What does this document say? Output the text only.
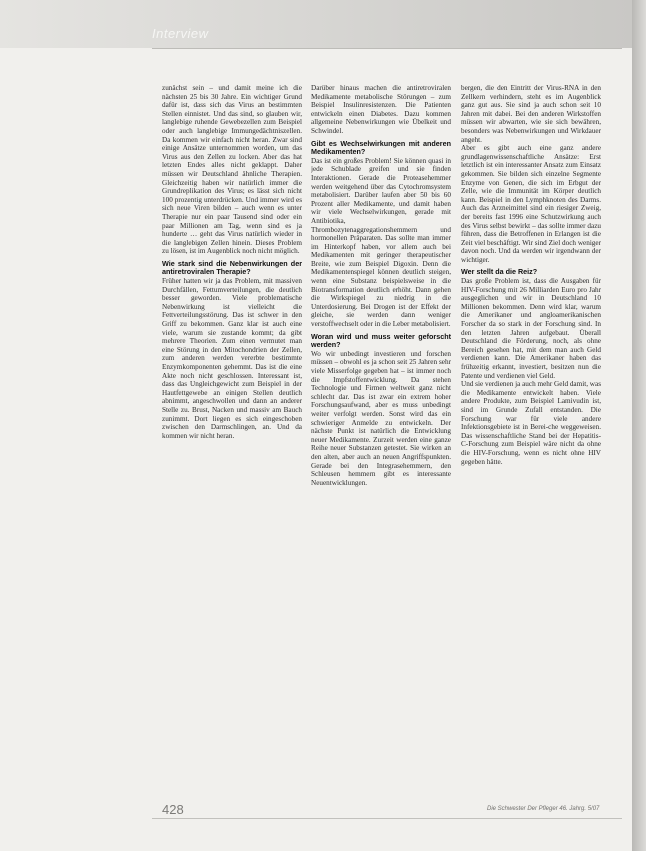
Interview

zunächst sein – und damit meine ich die nächsten 25 bis 30 Jahre. Ein wichtiger Grund dafür ist, dass sich das Virus an bestimmten Stellen einnistet. Und das sind, so glauben wir, langlebige ruhende Gewebezellen zum Beispiel oder auch langlebige Immungedächtniszellen. Da kommen wir einfach nicht heran. Zwar sind einige Ansätze unternommen worden, um das Virus aus den Zellen zu locken. Aber das hat letzten Endes alles nicht geklappt. Daher müssen wir Deutschland ähnliche Therapien. Gleichzeitig haben wir natürlich immer die Grundreplikation des Virus; es lässt sich nicht 100 prozentig unterdrücken. Und immer wird es sich neue Viren bilden – auch wenn es unter Therapie nur ein paar Tausend sind oder ein paar Millionen am Tag, wenn sind es ja hunderte … geht das Virus natürlich wieder in die langlebigen Zellen hinein. Dieses Problem zu lösen, ist im Augenblick noch nicht möglich.

Wie stark sind die Nebenwirkungen der antiretroviralen Therapie?

Früher hatten wir ja das Problem, mit massiven Durchfällen, Fettumverteilungen, die deutlich besser geworden. Viele problematische Nebenwirkung ist vielleicht die Fettverteilungsstörung. Das ist schwer in den Griff zu bekommen. Ganz klar ist auch eine viele, warum sie zustande kommt; da gibt mehrere Theorien. Zum einen vermutet man eine Störung in den Mitochondrien der Zellen, zum anderen werden vererbte bestimmte Enzymkomponenten gehemmt. Das ist die eine Akte noch nicht geschlossen. Interessant ist, dass das Ungleichgewicht zum Beispiel in der Hautfettgewebe an einigen Stellen deutlich abnimmt, angeschwollen und dann an anderer Stelle zu. Brust, Nacken und massiv am Bauch zunimmt. Dort liegen es sich eingeschoben zwischen den Darmschlingen, an. Und da kommen wir nicht heran.

Darüber hinaus machen die antiretroviralen Medikamente metabolische Störungen – zum Beispiel Insulinresistenzen. Die Patienten entwickeln einen Diabetes. Dazu kommen allgemeine Nebenwirkungen wie Übelkeit und Schwindel.

Gibt es Wechselwirkungen mit anderen Medikamenten?

Das ist ein großes Problem! Sie können quasi in jede Schublade greifen und sie finden Interaktionen. Gerade die Proteasehemmer werden weitgehend über das Cytochromsystem metabolisiert. Darüber laufen aber 50 bis 60 Prozent aller Medikamente, und damit haben wir viele Wechselwirkungen, gerade mit Antibiotika, Thrombozytenaggregationshemmern und hormonellen Präparaten. Das sollte man immer im Hinterkopf haben, vor allem auch bei Medikamenten mit geringer therapeutischer Breite, wie zum Beispiel Digoxin. Denn die Medikamentenspiegel können deutlich steigen, wenn eine Substanz beispielsweise in die Biotransformation deutlich erhöht. Dann gehen die Wirkspiegel zu niedrig in die Unterdosierung. Bei Drogen ist der Effekt der gleiche, sie werden dann weniger verstoffwechselt oder in die Leber metabolisiert.

Woran wird und muss weiter geforscht werden?

Wo wir unbedingt investieren und forschen müssen – obwohl es ja schon seit 25 Jahren sehr viele Misserfolge gegeben hat – ist immer noch die Impfstoffentwicklung. Da stehen Technologie und Firmen weltweit ganz nicht schlecht dar. Das ist zwar ein extrem hoher Forschungsaufwand, aber es muss unbedingt weiter verfolgt werden. Sonst wird das ein schwieriger Anmelde zu entwickeln. Der nächste Punkt ist natürlich die Entwicklung neuer Medikamente. Zurzeit werden eine ganze Reihe neuer Substanzen getestet. Sie wirken an den alten, aber auch an neuen Angriffspunkten. Gerade bei den Integrasehemmern, den Schleusen hemmern gibt es interessante Neuentwicklungen.

bergen, die den Eintritt der Virus-RNA in den Zellkern verhindern, steht es im Augenblick ganz gut aus. Sie sind ja auch schon seit 10 Jahren mit dabei. Bei den anderen Wirkstoffen müssen wir abwarten, wie sie sich bewähren, besonders was Nebenwirkungen und Wirkdauer angeht.

Aber es gibt auch eine ganz andere grundlagenwissenschaftliche Ansätze: Erst letztlich ist ein interessanter Ansatz zum Einsatz gekommen. Sie bilden sich einzelne Segmente Enzyme von Genen, die sich im Erbgut der Zelle, wie die Immunität im Körper deutlich kann. Beispiel in den Lymphknoten des Darms. Auch das Arzneimittel sind ein riesiger Zweig, der bereits fast 1996 eine Schutzwirkung auch des Virus selbst bewirkt – das sollte immer dazu führen, dass die Betroffenen in Erlangen ist die Zeit viel beschäftigt. Wir sind Ziel doch weniger davon noch. Und da werden wir irgendwann der wichtiger.

Wer stellt da die Reiz?

Das große Problem ist, dass die Ausgaben für HIV-Forschung mit 26 Milliarden Euro pro Jahr ausgeglichen und wir in Deutschland 10 Millionen bekommen. Denn wird klar, warum die Amerikaner und angloamerikanischen Forscher da so stark in der Forschung sind. In den letzten Jahren aufgebaut. Überall Deutschland die Förderung, noch, als ohne Bereich gesehen hat, mit dem man auch Geld verdienen kann. Die Amerikaner haben das frühzeitig erkannt, investiert, besitzen nun die Patente und verdienen viel Geld.

Und sie verdienen ja auch mehr Geld damit, was die Medikamente entwickelt haben. Viele andere Produkte, zum Beispiel Lamivudin ist, sind im Grunde Zufall entstanden. Die Forschung war für viele andere Infektionsgebiete ist in Berei-che weggeweisen. Das wissenschaftliche Stand bei der Hepatitis-C-Forschung zum Beispiel wäre nicht da ohne die HIV-Forschung, wenn es nicht ohne HIV gegeben hätte.

428	Die Schwester Der Pfleger 46. Jahrg. 5/07
